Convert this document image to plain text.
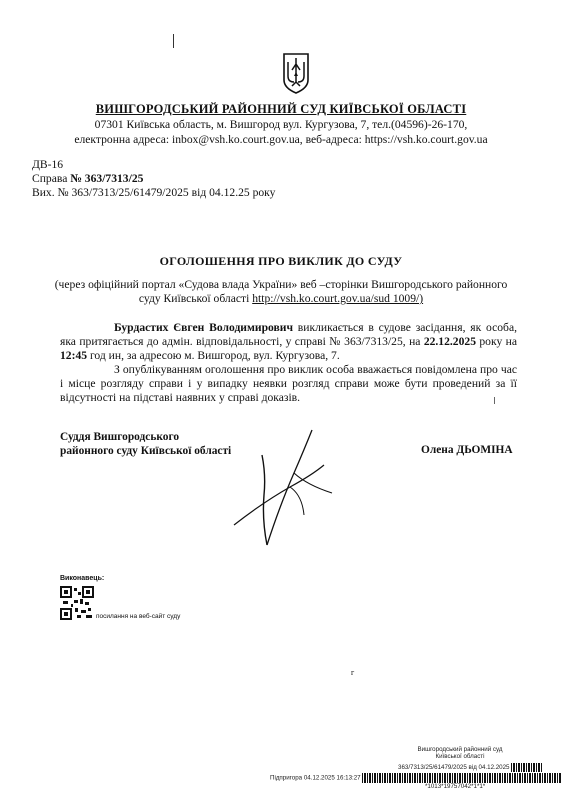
ВИШГОРОДСЬКИЙ РАЙОННИЙ СУД КИЇВСЬКОЇ ОБЛАСТІ
07301 Київська область, м. Вишгород вул. Кургузова, 7, тел.(04596)-26-170,
електронна адреса: inbox@vsh.ko.court.gov.ua, веб-адреса: https://vsh.ko.court.gov.ua
ДВ-16
Справа № 363/7313/25
Вих. № 363/7313/25/61479/2025 від 04.12.25 року
ОГОЛОШЕННЯ ПРО ВИКЛИК ДО СУДУ
(через офіційний портал «Судова влада України» веб –сторінки Вишгородського районного
суду Київської області http://vsh.ko.court.gov.ua/sud 1009/)
Бурдастих Євген Володимирович викликається в судове засідання, як особа, яка притягається до адмін. відповідальності, у справі № 363/7313/25, на 22.12.2025 року на 12:45 год ин, за адресою м. Вишгород, вул. Кургузова, 7.
З опублікуванням оголошення про виклик особа вважається повідомлена про час і місце розгляду справи і у випадку неявки розгляд справи може бути проведений за її відсутності на підставі наявних у справі доказів.
Суддя Вишгородського
районного суду Київської області	Олена ДЬОМІНА
Виконавець:
посилання на веб-сайт суду
г
Вишгородський районний суд
Київської області
363/7313/25/61479/2025 від 04.12.2025
Підпригора 04.12.2025 16:13:27
*1013*19757042*1*1*
